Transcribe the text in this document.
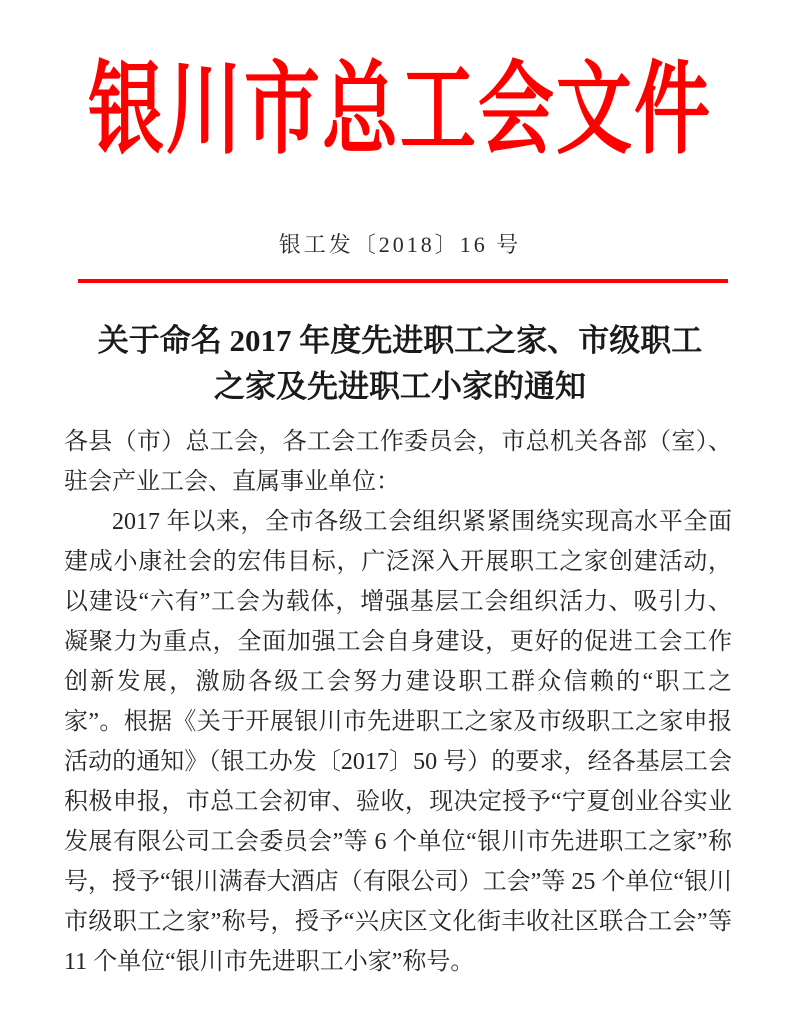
银川市总工会文件
银工发〔2018〕16 号
关于命名 2017 年度先进职工之家、市级职工
之家及先进职工小家的通知

各县（市）总工会，各工会工作委员会，市总机关各部（室）、驻会产业工会、直属事业单位：

2017 年以来，全市各级工会组织紧紧围绕实现高水平全面建成小康社会的宏伟目标，广泛深入开展职工之家创建活动，以建设“六有”工会为载体，增强基层工会组织活力、吸引力、凝聚力为重点，全面加强工会自身建设，更好的促进工会工作创新发展，激励各级工会努力建设职工群众信赖的“职工之家”。根据《关于开展银川市先进职工之家及市级职工之家申报活动的通知》（银工办发〔2017〕50 号）的要求，经各基层工会积极申报，市总工会初审、验收，现决定授予“宁夏创业谷实业发展有限公司工会委员会”等 6 个单位“银川市先进职工之家”称号，授予“银川满春大酒店（有限公司）工会”等 25 个单位“银川市级职工之家”称号，授予“兴庆区文化街丰收社区联合工会”等 11 个单位“银川市先进职工小家”称号。
